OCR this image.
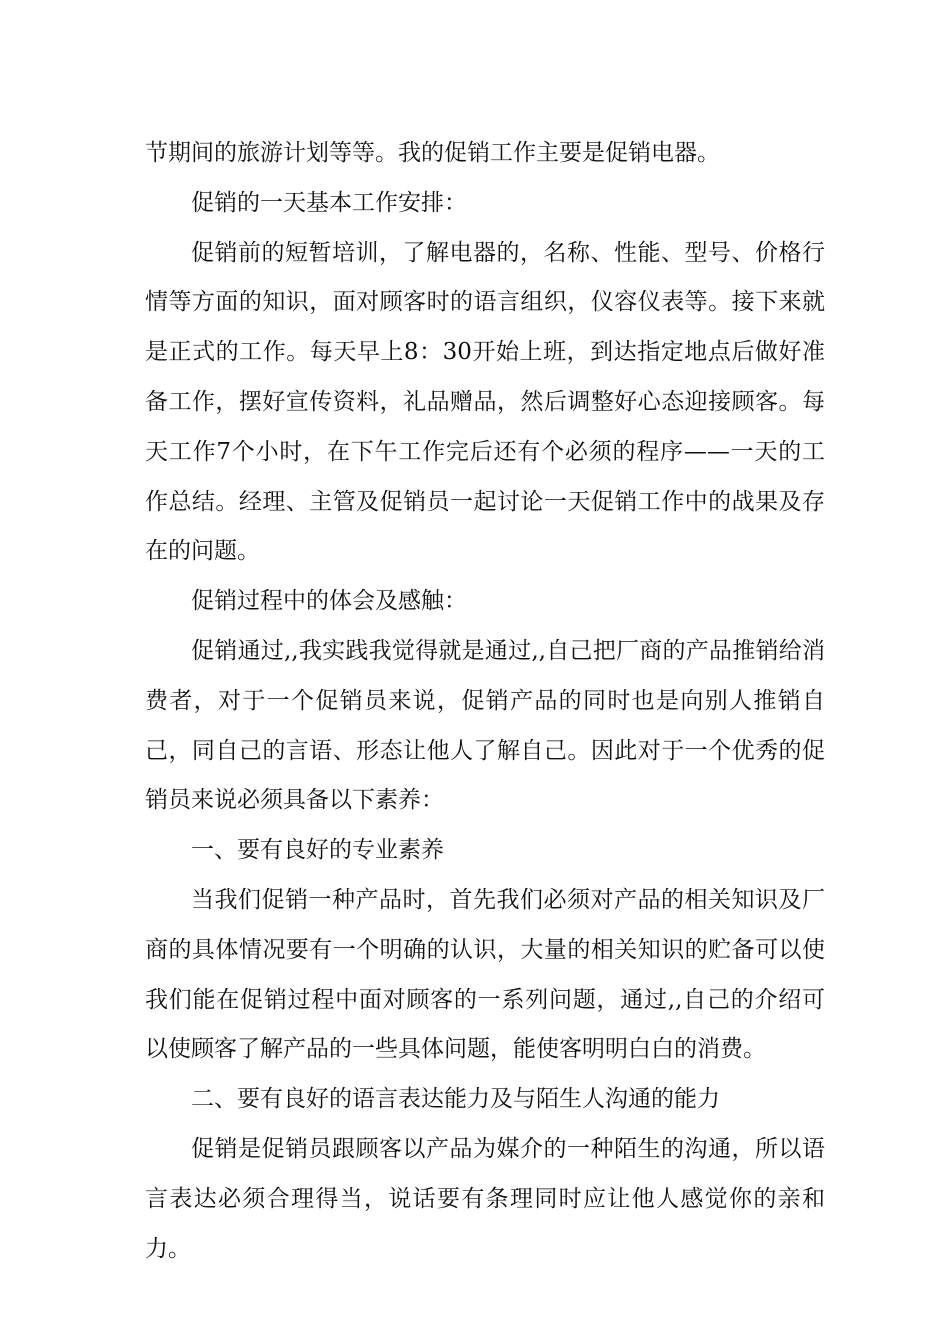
节期间的旅游计划等等。我的促销工作主要是促销电器。

促销的一天基本工作安排：

促销前的短暂培训，了解电器的，名称、性能、型号、价格行情等方面的知识，面对顾客时的语言组织，仪容仪表等。接下来就是正式的工作。每天早上8：30开始上班，到达指定地点后做好准备工作，摆好宣传资料，礼品赠品，然后调整好心态迎接顾客。每天工作7个小时，在下午工作完后还有个必须的程序——一天的工作总结。经理、主管及促销员一起讨论一天促销工作中的战果及存在的问题。

促销过程中的体会及感触：

促销通过,,我实践我觉得就是通过,,自己把厂商的产品推销给消费者，对于一个促销员来说，促销产品的同时也是向别人推销自己，同自己的言语、形态让他人了解自己。因此对于一个优秀的促销员来说必须具备以下素养：

一、要有良好的专业素养

当我们促销一种产品时，首先我们必须对产品的相关知识及厂商的具体情况要有一个明确的认识，大量的相关知识的贮备可以使我们能在促销过程中面对顾客的一系列问题，通过,,自己的介绍可以使顾客了解产品的一些具体问题，能使客明明白白的消费。

二、要有良好的语言表达能力及与陌生人沟通的能力

促销是促销员跟顾客以产品为媒介的一种陌生的沟通，所以语言表达必须合理得当，说话要有条理同时应让他人感觉你的亲和力。
